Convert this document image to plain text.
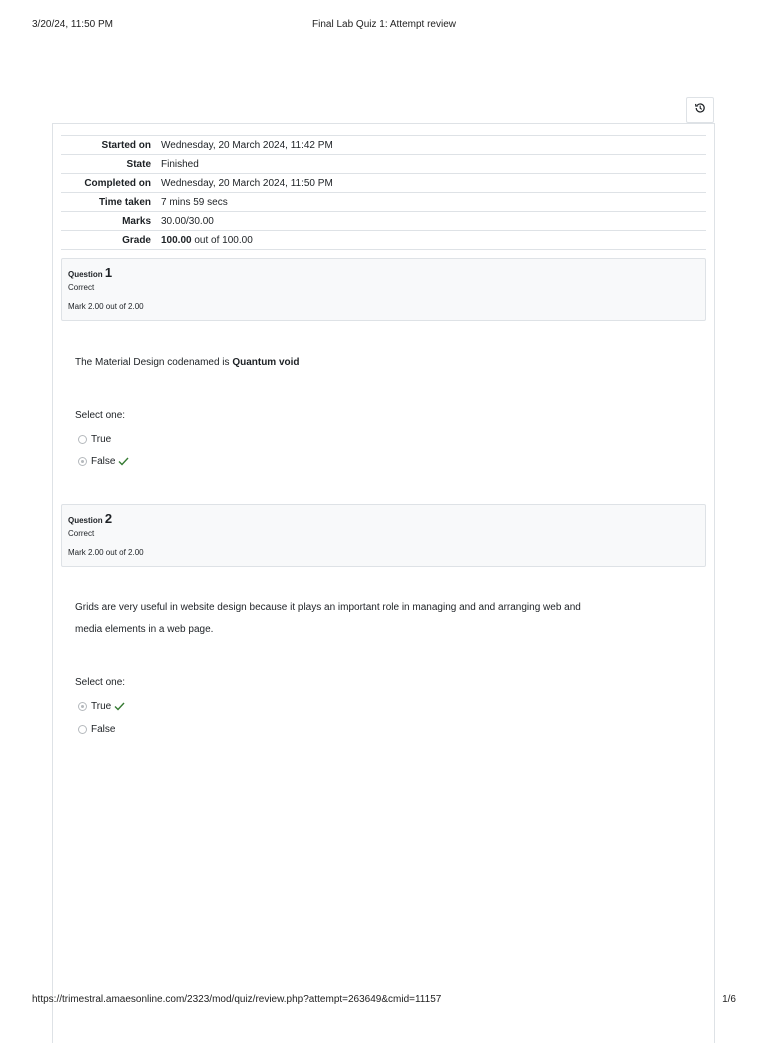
3/20/24, 11:50 PM	Final Lab Quiz 1: Attempt review
Started on	Wednesday, 20 March 2024, 11:42 PM
State	Finished
Completed on	Wednesday, 20 March 2024, 11:50 PM
Time taken	7 mins 59 secs
Marks	30.00/30.00
Grade	100.00 out of 100.00
Question 1
Correct
Mark 2.00 out of 2.00
The Material Design codenamed is Quantum void
Select one:
True
False
Question 2
Correct
Mark 2.00 out of 2.00
Grids are very useful in website design because it plays an important role in managing and and arranging web and media elements in a web page.
Select one:
True
False
https://trimestral.amaesonline.com/2323/mod/quiz/review.php?attempt=263649&cmid=11157	1/6
